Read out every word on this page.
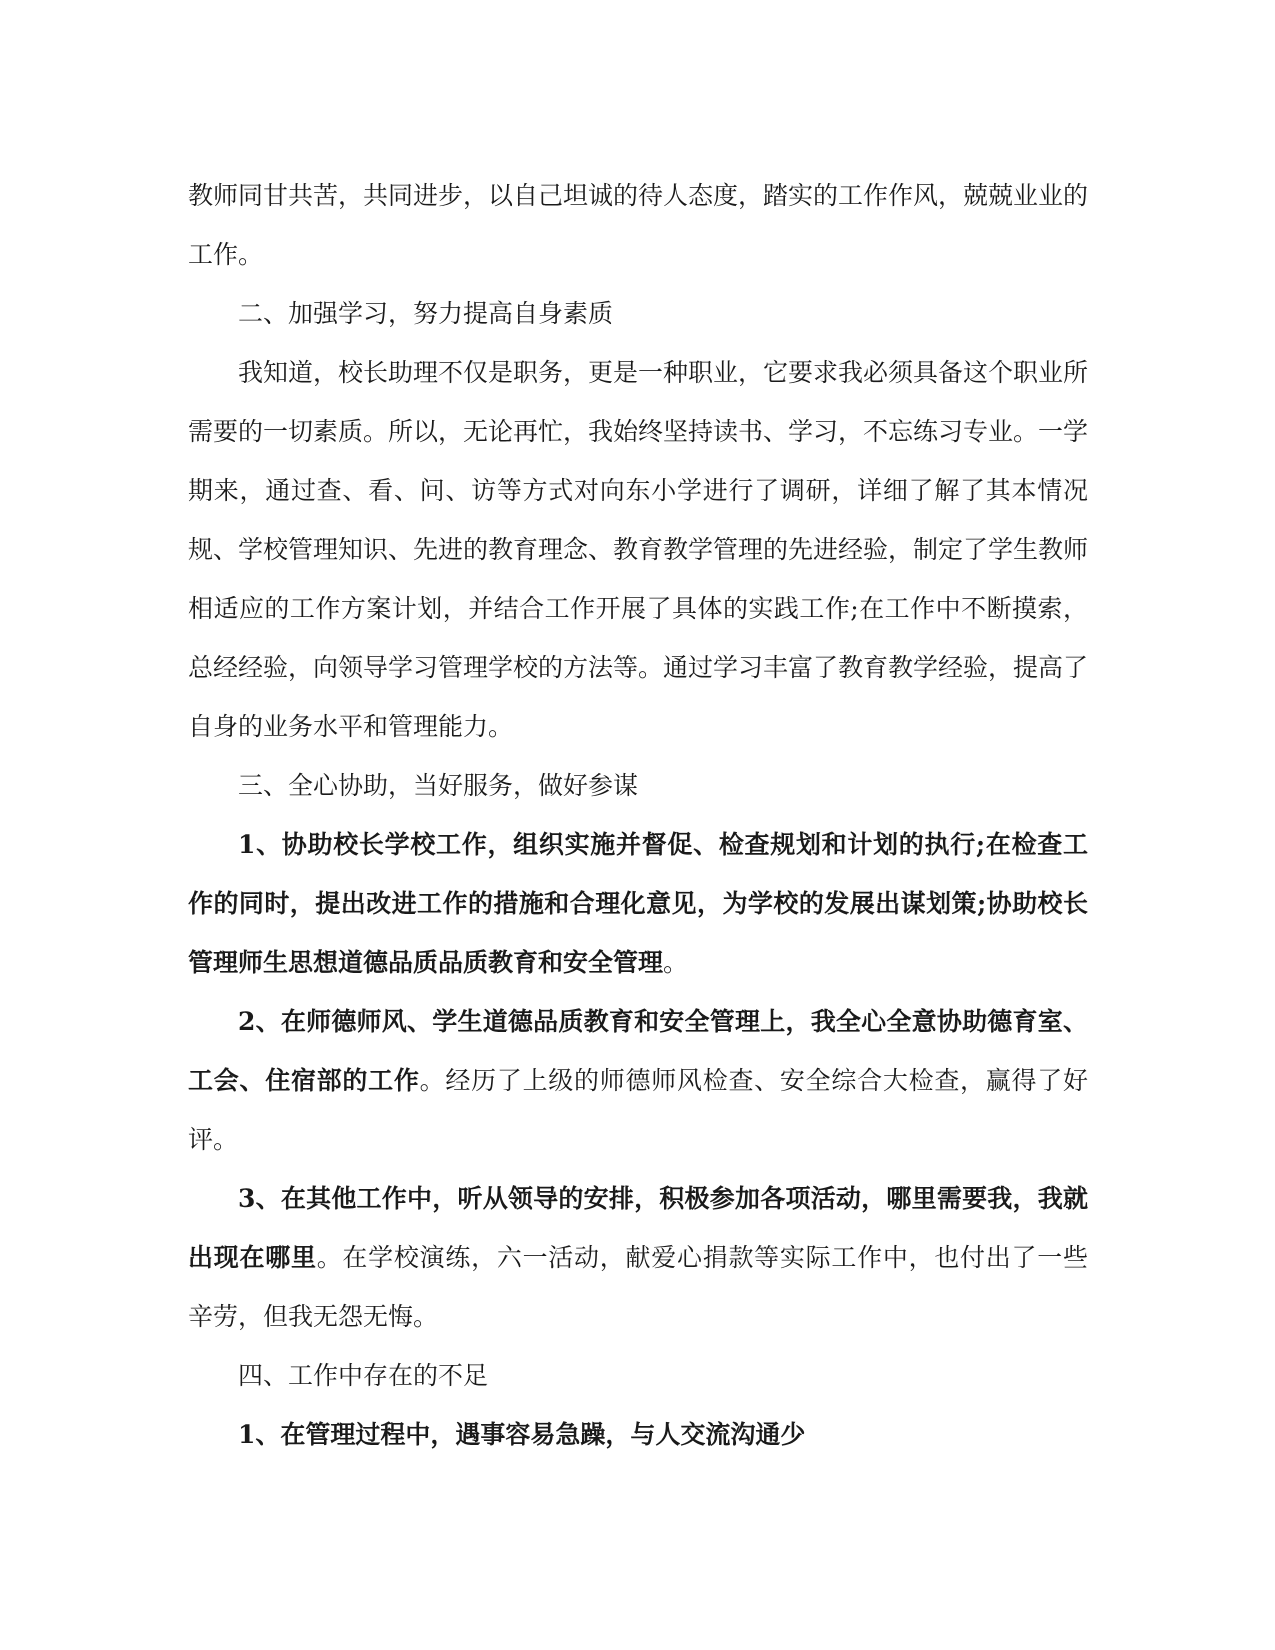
教师同甘共苦，共同进步，以自己坦诚的待人态度，踏实的工作作风，兢兢业业的工作。

二、加强学习，努力提高自身素质

我知道，校长助理不仅是职务，更是一种职业，它要求我必须具备这个职业所需要的一切素质。所以，无论再忙，我始终坚持读书、学习，不忘练习专业。一学期来，通过查、看、问、访等方式对向东小学进行了调研，详细了解了其本情况规、学校管理知识、先进的教育理念、教育教学管理的先进经验，制定了学生教师相适应的工作方案计划，并结合工作开展了具体的实践工作;在工作中不断摸索，总经经验，向领导学习管理学校的方法等。通过学习丰富了教育教学经验，提高了自身的业务水平和管理能力。

三、全心协助，当好服务，做好参谋

1、协助校长学校工作，组织实施并督促、检查规划和计划的执行;在检查工作的同时，提出改进工作的措施和合理化意见，为学校的发展出谋划策;协助校长管理师生思想道德品质品质教育和安全管理。

2、在师德师风、学生道德品质教育和安全管理上，我全心全意协助德育室、工会、住宿部的工作。经历了上级的师德师风检查、安全综合大检查，赢得了好评。

3、在其他工作中，听从领导的安排，积极参加各项活动，哪里需要我，我就出现在哪里。在学校演练，六一活动，献爱心捐款等实际工作中，也付出了一些辛劳，但我无怨无悔。

四、工作中存在的不足

1、在管理过程中，遇事容易急躁，与人交流沟通少
